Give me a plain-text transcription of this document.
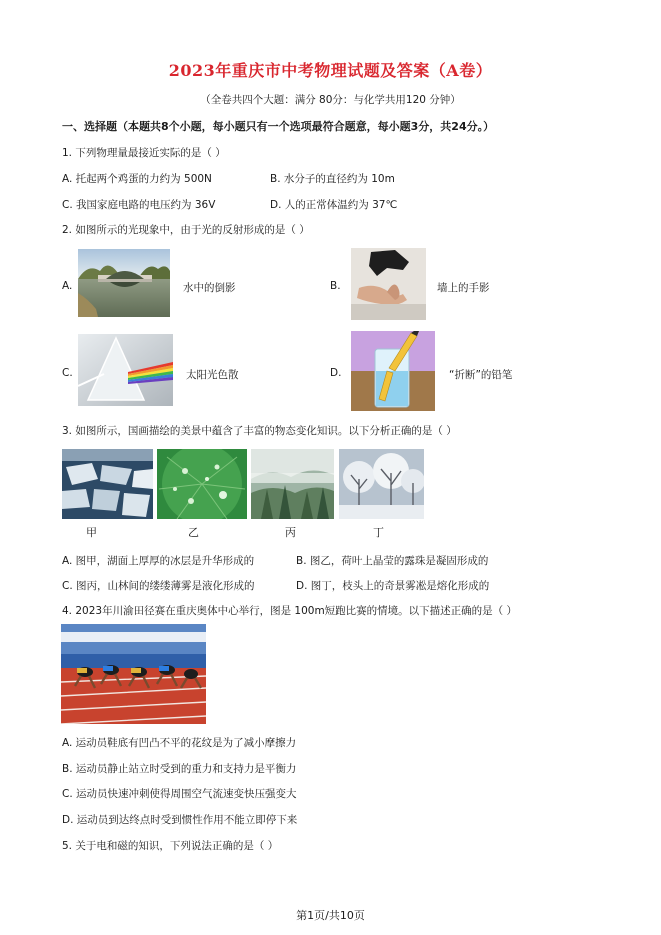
2023年重庆市中考物理试题及答案（A卷）
（全卷共四个大题：满分 80分：与化学共用120 分钟）
一、选择题（本题共8个小题，每小题只有一个选项最符合题意，每小题3分，共24分。）
1. 下列物理量最接近实际的是（ ）
A. 托起两个鸡蛋的力约为 500N	B. 水分子的直径约为 10m
C. 我国家庭电路的电压约为 36V	D. 人的正常体温约为 37℃
2. 如图所示的光现象中，由于光的反射形成的是（ ）
A.	水中的倒影	B.	墙上的手影
C.	太阳光色散	D.	“折断”的铅笔
3. 如图所示，国画描绘的美景中蕴含了丰富的物态变化知识。以下分析正确的是（ ）
甲	乙	丙	丁
A. 图甲，湖面上厚厚的冰层是升华形成的	B. 图乙，荷叶上晶莹的露珠是凝固形成的
C. 图丙，山林间的缕缕薄雾是液化形成的	D. 图丁，枝头上的奇景雾凇是熔化形成的
4. 2023年川渝田径赛在重庆奥体中心举行，图是 100m短跑比赛的情境。以下描述正确的是（ ）
A. 运动员鞋底有凹凸不平的花纹是为了减小摩擦力
B. 运动员静止站立时受到的重力和支持力是平衡力
C. 运动员快速冲刺使得周围空气流速变快压强变大
D. 运动员到达终点时受到惯性作用不能立即停下来
5. 关于电和磁的知识，下列说法正确的是（ ）
第1页/共10页
